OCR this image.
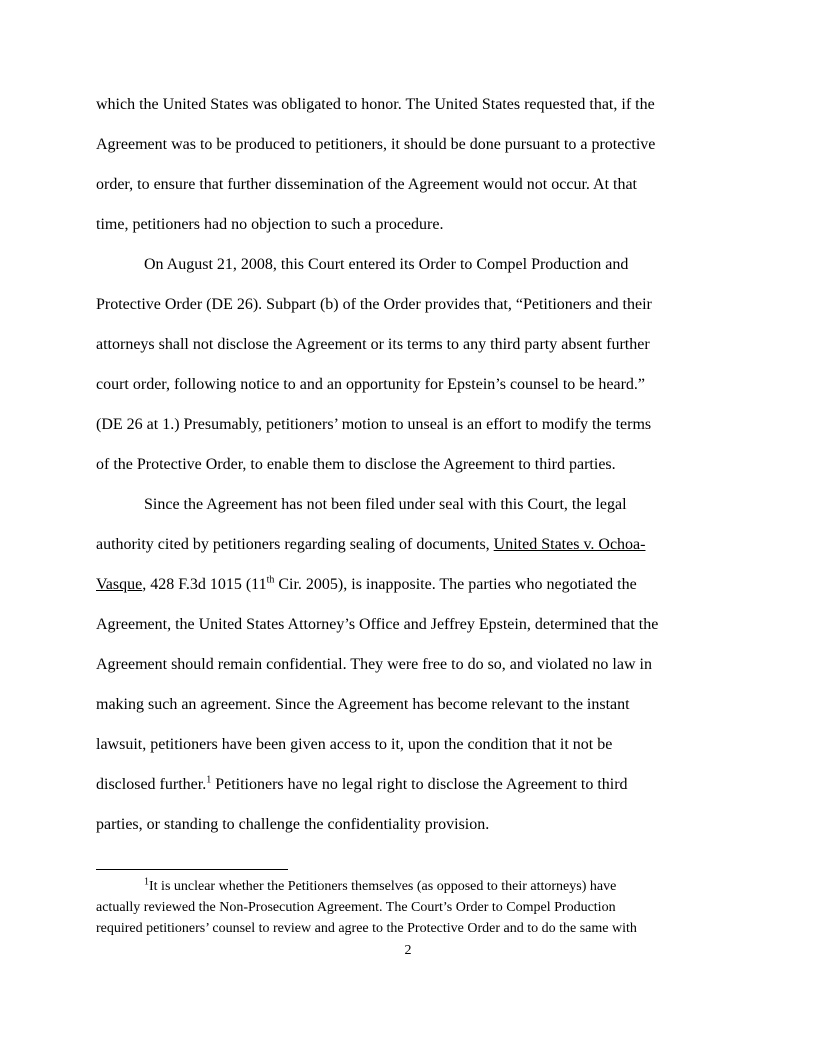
which the United States was obligated to honor. The United States requested that, if the
Agreement was to be produced to petitioners, it should be done pursuant to a protective
order, to ensure that further dissemination of the Agreement would not occur. At that
time, petitioners had no objection to such a procedure.
On August 21, 2008, this Court entered its Order to Compel Production and
Protective Order (DE 26). Subpart (b) of the Order provides that, “Petitioners and their
attorneys shall not disclose the Agreement or its terms to any third party absent further
court order, following notice to and an opportunity for Epstein’s counsel to be heard.”
(DE 26 at 1.) Presumably, petitioners’ motion to unseal is an effort to modify the terms
of the Protective Order, to enable them to disclose the Agreement to third parties.
Since the Agreement has not been filed under seal with this Court, the legal
authority cited by petitioners regarding sealing of documents, United States v. Ochoa-
Vasque, 428 F.3d 1015 (11th Cir. 2005), is inapposite. The parties who negotiated the
Agreement, the United States Attorney’s Office and Jeffrey Epstein, determined that the
Agreement should remain confidential. They were free to do so, and violated no law in
making such an agreement. Since the Agreement has become relevant to the instant
lawsuit, petitioners have been given access to it, upon the condition that it not be
disclosed further.$^1$ Petitioners have no legal right to disclose the Agreement to third
parties, or standing to challenge the confidentiality provision.
$^1$It is unclear whether the Petitioners themselves (as opposed to their attorneys) have
actually reviewed the Non-Prosecution Agreement. The Court’s Order to Compel Production
required petitioners’ counsel to review and agree to the Protective Order and to do the same with
2
